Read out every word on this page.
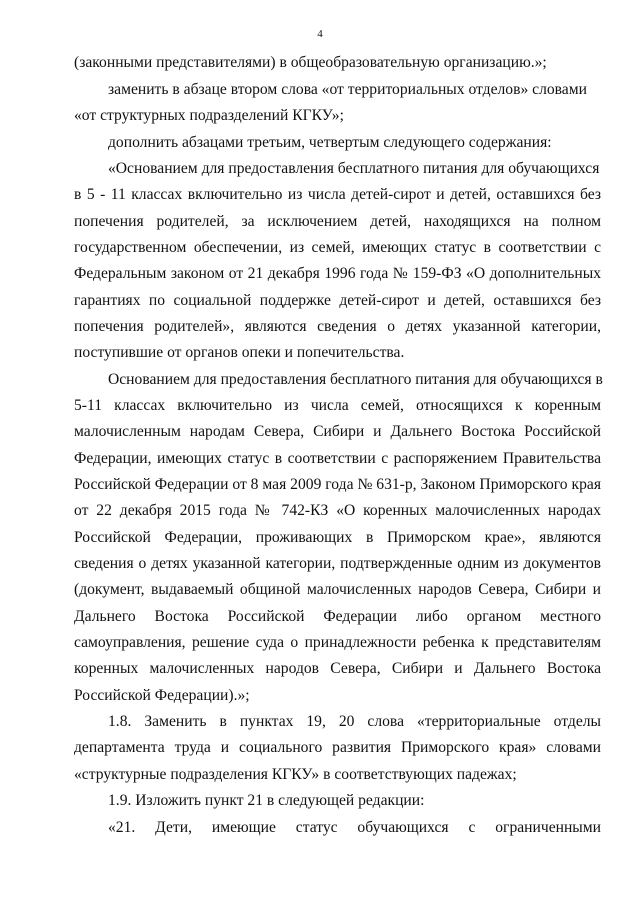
4
(законными представителями) в общеобразовательную организацию.»;
заменить в абзаце втором слова «от территориальных отделов» словами
«от структурных подразделений КГКУ»;
дополнить абзацами третьим, четвертым следующего содержания:
«Основанием для предоставления бесплатного питания для обучающихся
в 5 - 11 классах включительно из числа детей-сирот и детей, оставшихся без
попечения родителей, за исключением детей, находящихся на полном
государственном обеспечении, из семей, имеющих статус в соответствии с
Федеральным законом от 21 декабря 1996 года № 159-ФЗ «О дополнительных
гарантиях по социальной поддержке детей-сирот и детей, оставшихся без
попечения родителей», являются сведения о детях указанной категории,
поступившие от органов опеки и попечительства.
Основанием для предоставления бесплатного питания для обучающихся в
5-11 классах включительно из числа семей, относящихся к коренным
малочисленным народам Севера, Сибири и Дальнего Востока Российской
Федерации, имеющих статус в соответствии с распоряжением Правительства
Российской Федерации от 8 мая 2009 года № 631-р, Законом Приморского края
от 22 декабря 2015 года № 742-КЗ «О коренных малочисленных народах
Российской Федерации, проживающих в Приморском крае», являются
сведения о детях указанной категории, подтвержденные одним из документов
(документ, выдаваемый общиной малочисленных народов Севера, Сибири и
Дальнего Востока Российской Федерации либо органом местного
самоуправления, решение суда о принадлежности ребенка к представителям
коренных малочисленных народов Севера, Сибири и Дальнего Востока
Российской Федерации).»;
1.8. Заменить в пунктах 19, 20 слова «территориальные отделы
департамента труда и социального развития Приморского края» словами
«структурные подразделения КГКУ» в соответствующих падежах;
1.9. Изложить пункт 21 в следующей редакции:
«21. Дети, имеющие статус обучающихся с ограниченными
